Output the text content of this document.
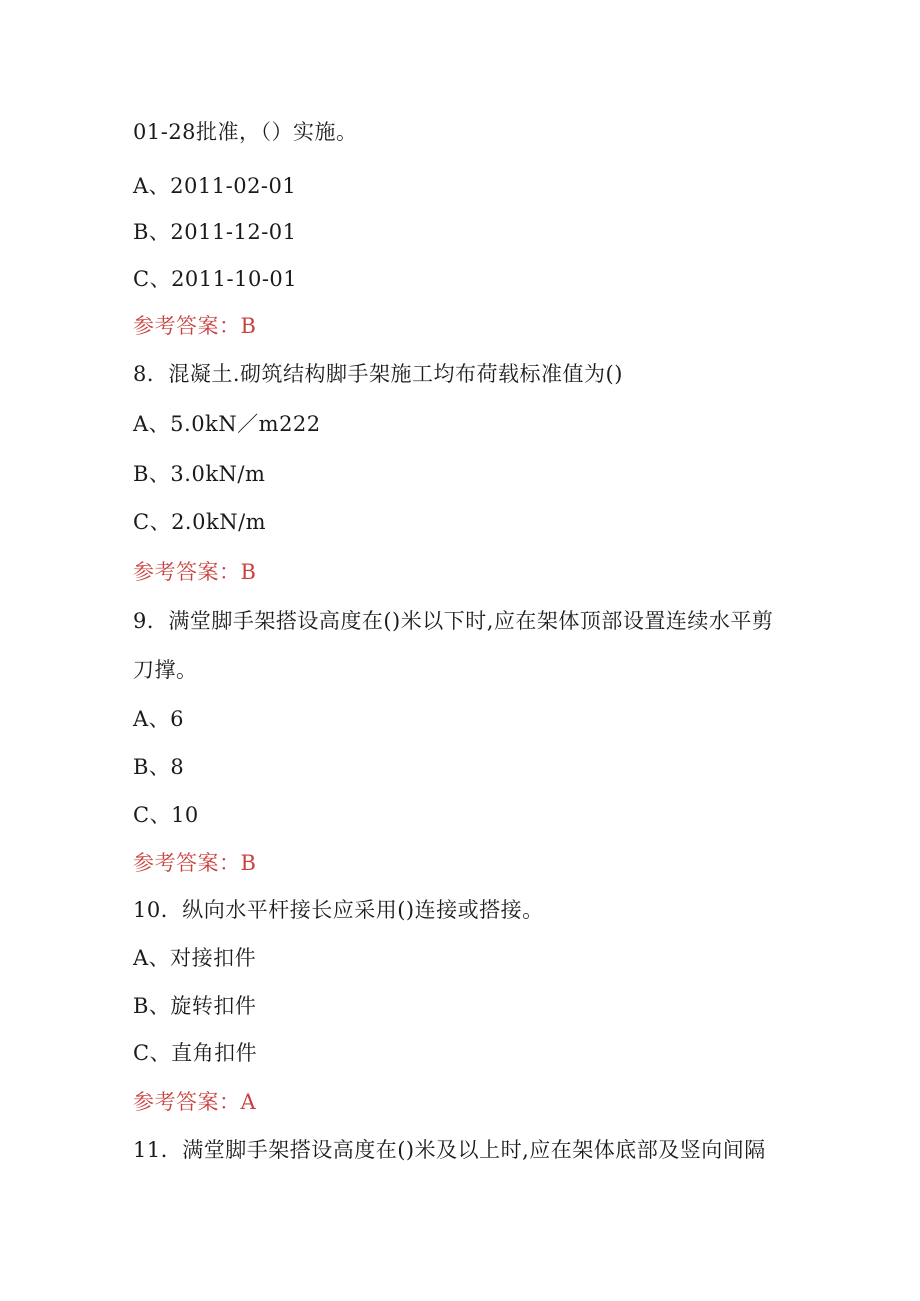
01-28批准，（）实施。
A、2011-02-01
B、2011-12-01
C、2011-10-01
参考答案：B
8．混凝土.砌筑结构脚手架施工均布荷载标准值为()
A、5.0kN／m222
B、3.0kN/m
C、2.0kN/m
参考答案：B
9．满堂脚手架搭设高度在()米以下时,应在架体顶部设置连续水平剪
刀撑。
A、6
B、8
C、10
参考答案：B
10．纵向水平杆接长应采用()连接或搭接。
A、对接扣件
B、旋转扣件
C、直角扣件
参考答案：A
11．满堂脚手架搭设高度在()米及以上时,应在架体底部及竖向间隔
